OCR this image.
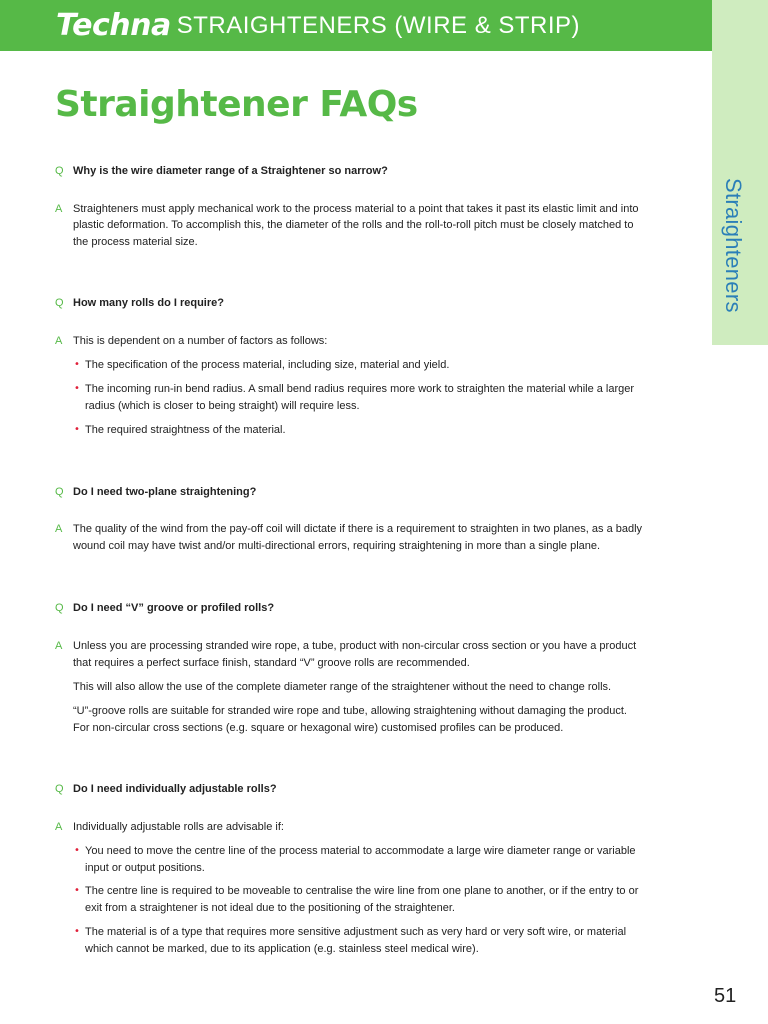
Techna STRAIGHTENERS (WIRE & STRIP)
Straighteners
Straightener FAQs
Q Why is the wire diameter range of a Straightener so narrow?
A Straighteners must apply mechanical work to the process material to a point that takes it past its elastic limit and into
plastic deformation. To accomplish this, the diameter of the rolls and the roll-to-roll pitch must be closely matched to
the process material size.
Q How many rolls do I require?
A This is dependent on a number of factors as follows:
• The specification of the process material, including size, material and yield.
• The incoming run-in bend radius. A small bend radius requires more work to straighten the material while a larger
radius (which is closer to being straight) will require less.
• The required straightness of the material.
Q Do I need two-plane straightening?
A The quality of the wind from the pay-off coil will dictate if there is a requirement to straighten in two planes, as a badly
wound coil may have twist and/or multi-directional errors, requiring straightening in more than a single plane.
Q Do I need “V” groove or profiled rolls?
A Unless you are processing stranded wire rope, a tube, product with non-circular cross section or you have a product
that requires a perfect surface finish, standard “V” groove rolls are recommended.
This will also allow the use of the complete diameter range of the straightener without the need to change rolls.
“U”-groove rolls are suitable for stranded wire rope and tube, allowing straightening without damaging the product.
For non-circular cross sections (e.g. square or hexagonal wire) customised profiles can be produced.
Q Do I need individually adjustable rolls?
A Individually adjustable rolls are advisable if:
• You need to move the centre line of the process material to accommodate a large wire diameter range or variable
input or output positions.
• The centre line is required to be moveable to centralise the wire line from one plane to another, or if the entry to or
exit from a straightener is not ideal due to the positioning of the straightener.
• The material is of a type that requires more sensitive adjustment such as very hard or very soft wire, or material
which cannot be marked, due to its application (e.g. stainless steel medical wire).
51
